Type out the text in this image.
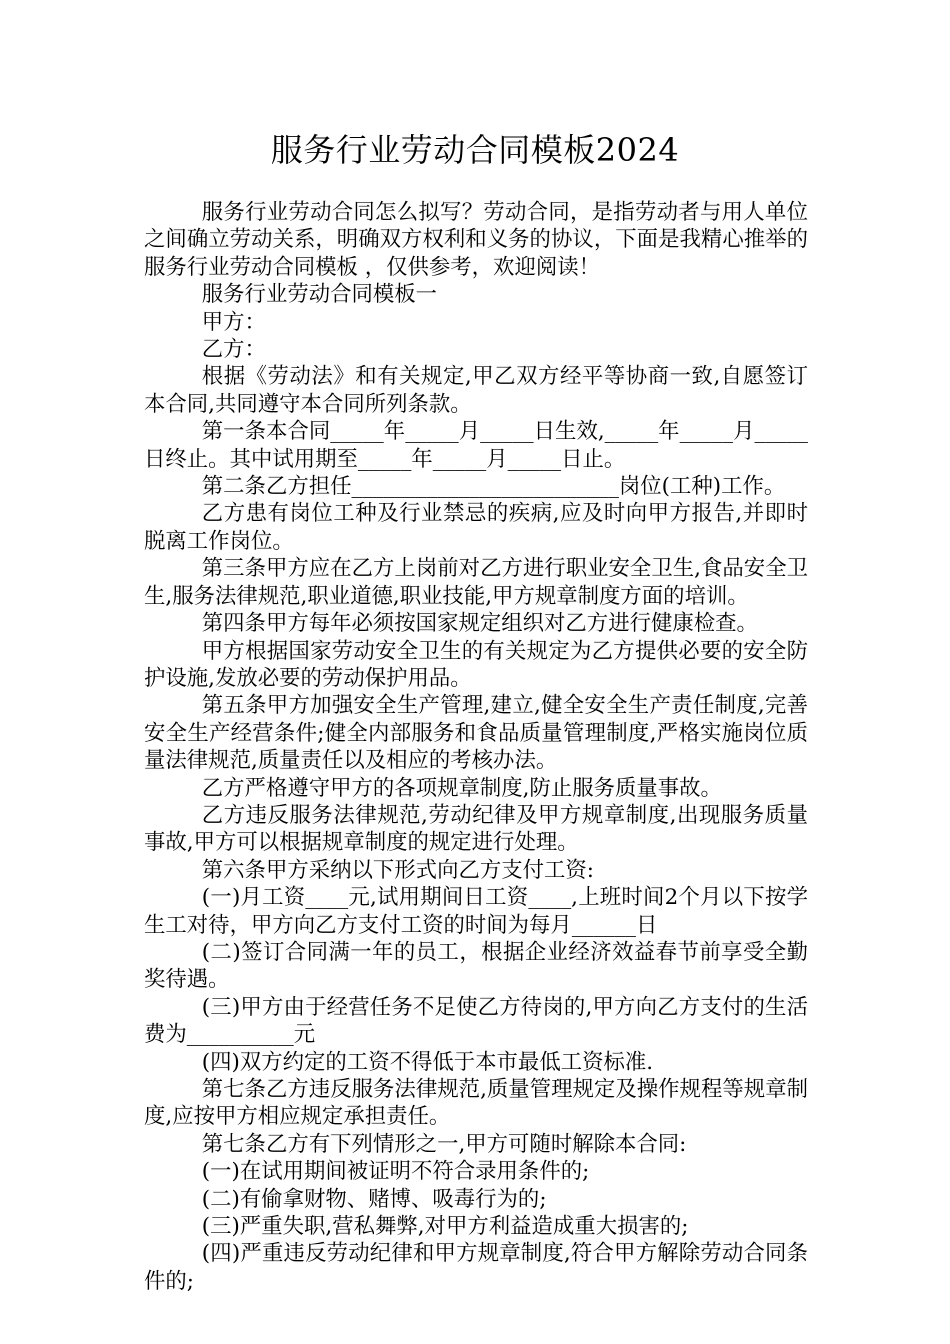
服务行业劳动合同模板2024

服务行业劳动合同怎么拟写？劳动合同，是指劳动者与用人单位之间确立劳动关系，明确双方权利和义务的协议，下面是我精心推举的服务行业劳动合同模板 ，仅供参考，欢迎阅读！

服务行业劳动合同模板一

甲方：

乙方：

根据《劳动法》和有关规定,甲乙双方经平等协商一致,自愿签订本合同,共同遵守本合同所列条款。

第一条本合同_____年_____月_____日生效,_____年_____月_____日终止。其中试用期至_____年_____月_____日止。

第二条乙方担任_________________________岗位(工种)工作。

乙方患有岗位工种及行业禁忌的疾病,应及时向甲方报告,并即时脱离工作岗位。

第三条甲方应在乙方上岗前对乙方进行职业安全卫生,食品安全卫生,服务法律规范,职业道德,职业技能,甲方规章制度方面的培训。

第四条甲方每年必须按国家规定组织对乙方进行健康检查。

甲方根据国家劳动安全卫生的有关规定为乙方提供必要的安全防护设施,发放必要的劳动保护用品。

第五条甲方加强安全生产管理,建立,健全安全生产责任制度,完善安全生产经营条件;健全内部服务和食品质量管理制度,严格实施岗位质量法律规范,质量责任以及相应的考核办法。

乙方严格遵守甲方的各项规章制度,防止服务质量事故。

乙方违反服务法律规范,劳动纪律及甲方规章制度,出现服务质量事故,甲方可以根据规章制度的规定进行处理。

第六条甲方采纳以下形式向乙方支付工资:

(一)月工资____元,试用期间日工资____,上班时间2个月以下按学生工对待，甲方向乙方支付工资的时间为每月______日

(二)签订合同满一年的员工，根据企业经济效益春节前享受全勤奖待遇。

(三)甲方由于经营任务不足使乙方待岗的,甲方向乙方支付的生活费为__________元

(四)双方约定的工资不得低于本市最低工资标准.

第七条乙方违反服务法律规范,质量管理规定及操作规程等规章制度,应按甲方相应规定承担责任。

第七条乙方有下列情形之一,甲方可随时解除本合同:

(一)在试用期间被证明不符合录用条件的;

(二)有偷拿财物、赌博、吸毒行为的;

(三)严重失职,营私舞弊,对甲方利益造成重大损害的;

(四)严重违反劳动纪律和甲方规章制度,符合甲方解除劳动合同条件的;
